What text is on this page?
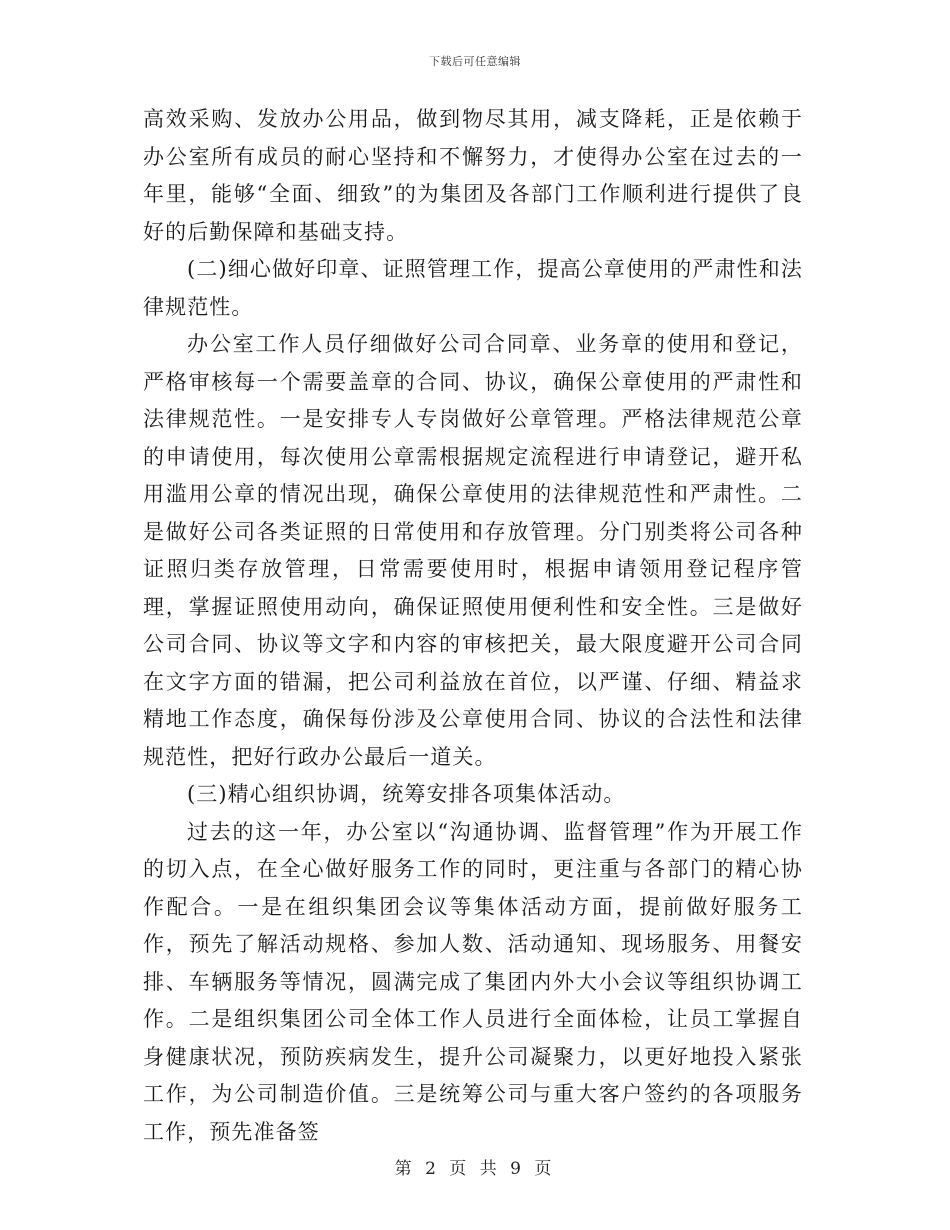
下载后可任意编辑

高效采购、发放办公用品，做到物尽其用，减支降耗，正是依赖于办公室所有成员的耐心坚持和不懈努力，才使得办公室在过去的一年里，能够“全面、细致”的为集团及各部门工作顺利进行提供了良好的后勤保障和基础支持。

(二)细心做好印章、证照管理工作，提高公章使用的严肃性和法律规范性。

办公室工作人员仔细做好公司合同章、业务章的使用和登记，严格审核每一个需要盖章的合同、协议，确保公章使用的严肃性和法律规范性。一是安排专人专岗做好公章管理。严格法律规范公章的申请使用，每次使用公章需根据规定流程进行申请登记，避开私用滥用公章的情况出现，确保公章使用的法律规范性和严肃性。二是做好公司各类证照的日常使用和存放管理。分门别类将公司各种证照归类存放管理，日常需要使用时，根据申请领用登记程序管理，掌握证照使用动向，确保证照使用便利性和安全性。三是做好公司合同、协议等文字和内容的审核把关，最大限度避开公司合同在文字方面的错漏，把公司利益放在首位，以严谨、仔细、精益求精地工作态度，确保每份涉及公章使用合同、协议的合法性和法律规范性，把好行政办公最后一道关。

(三)精心组织协调，统筹安排各项集体活动。

过去的这一年，办公室以“沟通协调、监督管理”作为开展工作的切入点，在全心做好服务工作的同时，更注重与各部门的精心协作配合。一是在组织集团会议等集体活动方面，提前做好服务工作，预先了解活动规格、参加人数、活动通知、现场服务、用餐安排、车辆服务等情况，圆满完成了集团内外大小会议等组织协调工作。二是组织集团公司全体工作人员进行全面体检，让员工掌握自身健康状况，预防疾病发生，提升公司凝聚力，以更好地投入紧张工作，为公司制造价值。三是统筹公司与重大客户签约的各项服务工作，预先准备签

第 2 页 共 9 页
